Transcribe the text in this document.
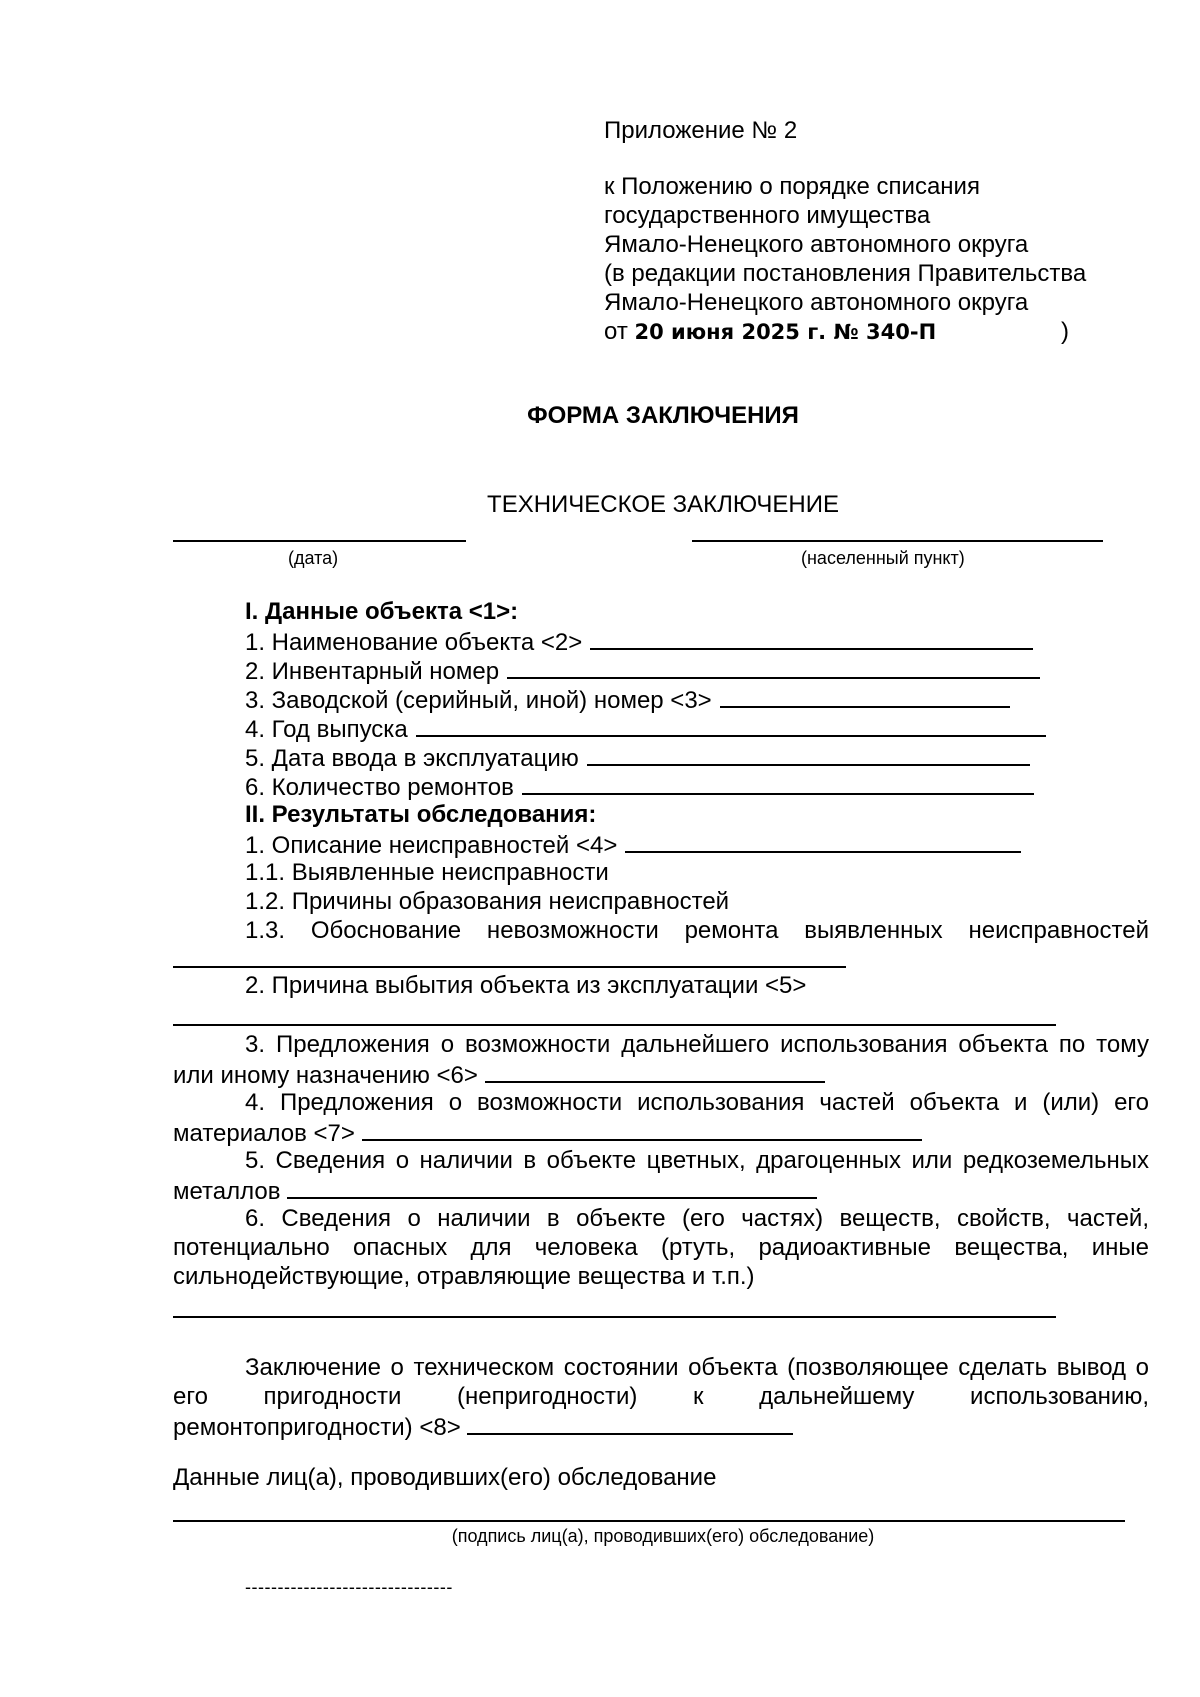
Приложение № 2
к Положению о порядке списания
государственного имущества
Ямало-Ненецкого автономного округа
(в редакции постановления Правительства
Ямало-Ненецкого автономного округа
от 20 июня 2025 г. № 340-П	)
ФОРМА ЗАКЛЮЧЕНИЯ
ТЕХНИЧЕСКОЕ ЗАКЛЮЧЕНИЕ
(дата)	(населенный пункт)
I. Данные объекта <1>:
1. Наименование объекта <2>
2. Инвентарный номер
3. Заводской (серийный, иной) номер <3>
4. Год выпуска
5. Дата ввода в эксплуатацию
6. Количество ремонтов
II. Результаты обследования:
1. Описание неисправностей <4>
1.1. Выявленные неисправности
1.2. Причины образования неисправностей
1.3. Обоснование невозможности ремонта выявленных неисправностей
2. Причина выбытия объекта из эксплуатации <5>
3. Предложения о возможности дальнейшего использования объекта по тому или иному назначению <6>
4. Предложения о возможности использования частей объекта и (или) его материалов <7>
5. Сведения о наличии в объекте цветных, драгоценных или редкоземельных металлов
6. Сведения о наличии в объекте (его частях) веществ, свойств, частей, потенциально опасных для человека (ртуть, радиоактивные вещества, иные сильнодействующие, отравляющие вещества и т.п.)
Заключение о техническом состоянии объекта (позволяющее сделать вывод о его пригодности (непригодности) к дальнейшему использованию, ремонтопригодности) <8>
Данные лиц(а), проводивших(его) обследование
(подпись лиц(а), проводивших(его) обследование)
--------------------------------
